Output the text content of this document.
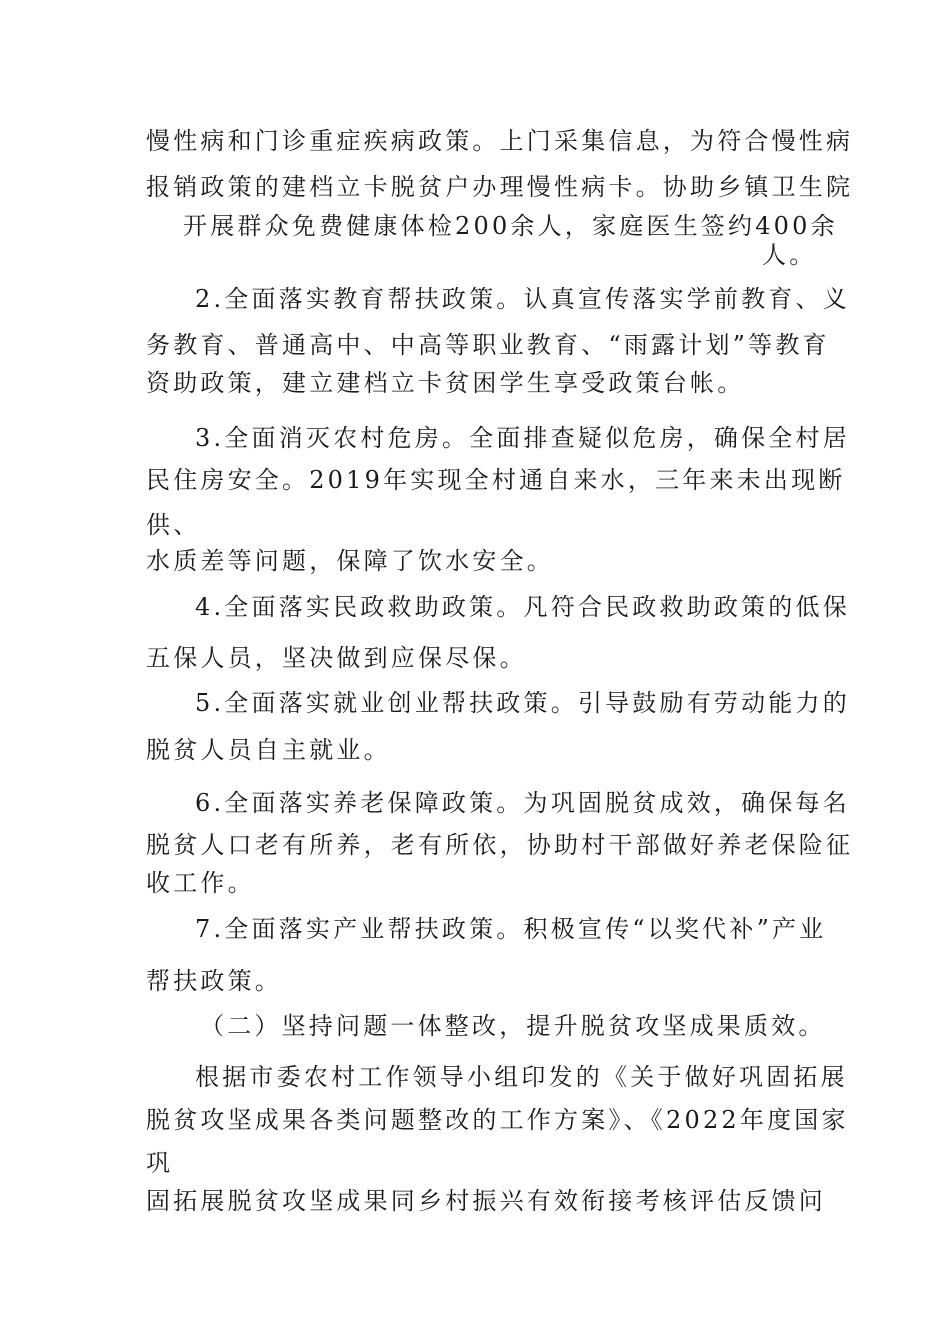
慢性病和门诊重症疾病政策。上门采集信息，为符合慢性病
报销政策的建档立卡脱贫户办理慢性病卡。协助乡镇卫生院
开展群众免费健康体检200余人，家庭医生签约400余
人。
2.全面落实教育帮扶政策。认真宣传落实学前教育、义
务教育、普通高中、中高等职业教育、“雨露计划”等教育
资助政策，建立建档立卡贫困学生享受政策台帐。
3.全面消灭农村危房。全面排查疑似危房，确保全村居
民住房安全。2019年实现全村通自来水，三年来未出现断
供、
水质差等问题，保障了饮水安全。
4.全面落实民政救助政策。凡符合民政救助政策的低保
五保人员，坚决做到应保尽保。
5.全面落实就业创业帮扶政策。引导鼓励有劳动能力的
脱贫人员自主就业。
6.全面落实养老保障政策。为巩固脱贫成效，确保每名
脱贫人口老有所养，老有所依，协助村干部做好养老保险征
收工作。
7.全面落实产业帮扶政策。积极宣传“以奖代补”产业
帮扶政策。
（二）坚持问题一体整改，提升脱贫攻坚成果质效。
根据市委农村工作领导小组印发的《关于做好巩固拓展
脱贫攻坚成果各类问题整改的工作方案》、《2022年度国家
巩
固拓展脱贫攻坚成果同乡村振兴有效衔接考核评估反馈问
